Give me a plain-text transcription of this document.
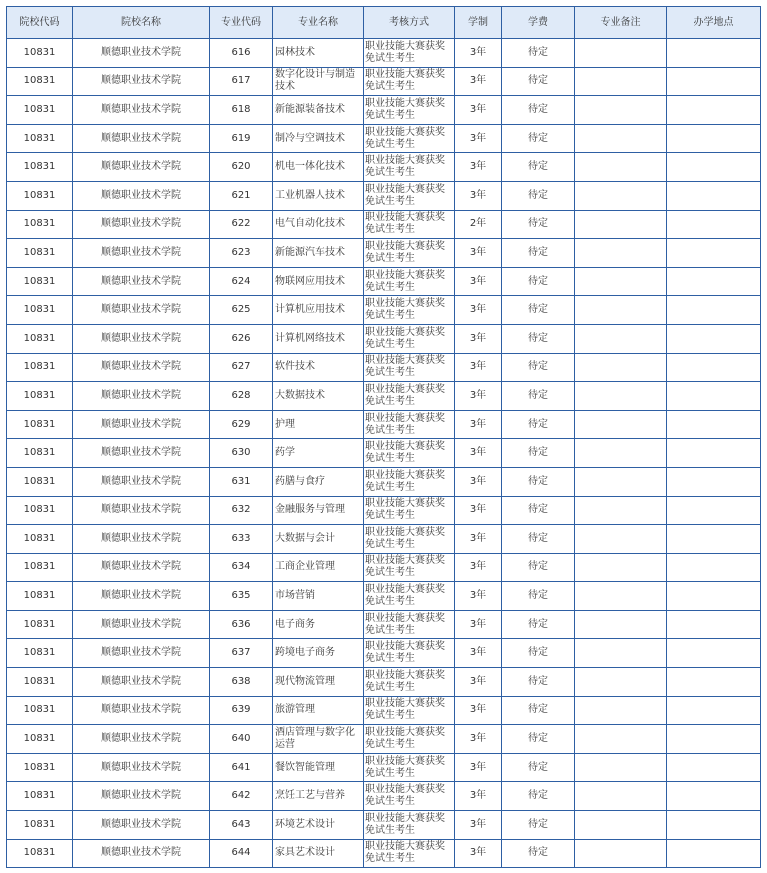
院校代码	院校名称	专业代码	专业名称	考核方式	学制	学费	专业备注	办学地点
10831	顺德职业技术学院	616	园林技术	职业技能大赛获奖免试生考生	3年	待定		
10831	顺德职业技术学院	617	数字化设计与制造技术	职业技能大赛获奖免试生考生	3年	待定		
10831	顺德职业技术学院	618	新能源装备技术	职业技能大赛获奖免试生考生	3年	待定		
10831	顺德职业技术学院	619	制冷与空调技术	职业技能大赛获奖免试生考生	3年	待定		
10831	顺德职业技术学院	620	机电一体化技术	职业技能大赛获奖免试生考生	3年	待定		
10831	顺德职业技术学院	621	工业机器人技术	职业技能大赛获奖免试生考生	3年	待定		
10831	顺德职业技术学院	622	电气自动化技术	职业技能大赛获奖免试生考生	2年	待定		
10831	顺德职业技术学院	623	新能源汽车技术	职业技能大赛获奖免试生考生	3年	待定		
10831	顺德职业技术学院	624	物联网应用技术	职业技能大赛获奖免试生考生	3年	待定		
10831	顺德职业技术学院	625	计算机应用技术	职业技能大赛获奖免试生考生	3年	待定		
10831	顺德职业技术学院	626	计算机网络技术	职业技能大赛获奖免试生考生	3年	待定		
10831	顺德职业技术学院	627	软件技术	职业技能大赛获奖免试生考生	3年	待定		
10831	顺德职业技术学院	628	大数据技术	职业技能大赛获奖免试生考生	3年	待定		
10831	顺德职业技术学院	629	护理	职业技能大赛获奖免试生考生	3年	待定		
10831	顺德职业技术学院	630	药学	职业技能大赛获奖免试生考生	3年	待定		
10831	顺德职业技术学院	631	药膳与食疗	职业技能大赛获奖免试生考生	3年	待定		
10831	顺德职业技术学院	632	金融服务与管理	职业技能大赛获奖免试生考生	3年	待定		
10831	顺德职业技术学院	633	大数据与会计	职业技能大赛获奖免试生考生	3年	待定		
10831	顺德职业技术学院	634	工商企业管理	职业技能大赛获奖免试生考生	3年	待定		
10831	顺德职业技术学院	635	市场营销	职业技能大赛获奖免试生考生	3年	待定		
10831	顺德职业技术学院	636	电子商务	职业技能大赛获奖免试生考生	3年	待定		
10831	顺德职业技术学院	637	跨境电子商务	职业技能大赛获奖免试生考生	3年	待定		
10831	顺德职业技术学院	638	现代物流管理	职业技能大赛获奖免试生考生	3年	待定		
10831	顺德职业技术学院	639	旅游管理	职业技能大赛获奖免试生考生	3年	待定		
10831	顺德职业技术学院	640	酒店管理与数字化运营	职业技能大赛获奖免试生考生	3年	待定		
10831	顺德职业技术学院	641	餐饮智能管理	职业技能大赛获奖免试生考生	3年	待定		
10831	顺德职业技术学院	642	烹饪工艺与营养	职业技能大赛获奖免试生考生	3年	待定		
10831	顺德职业技术学院	643	环境艺术设计	职业技能大赛获奖免试生考生	3年	待定		
10831	顺德职业技术学院	644	家具艺术设计	职业技能大赛获奖免试生考生	3年	待定		
